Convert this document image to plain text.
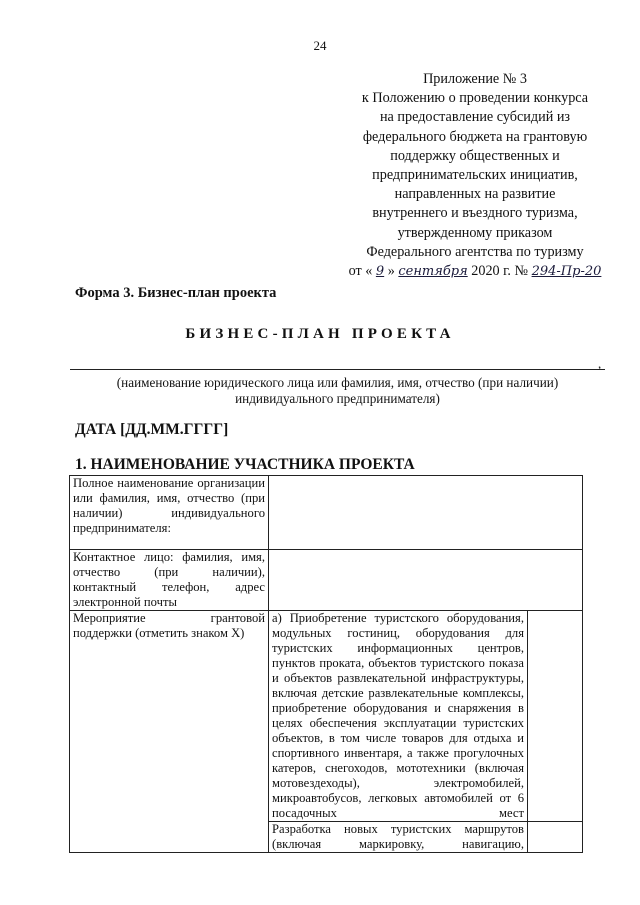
24
Приложение № 3
к Положению о проведении конкурса
на предоставление субсидий из
федерального бюджета на грантовую
поддержку общественных и
предпринимательских инициатив,
направленных на развитие
внутреннего и въездного туризма,
утвержденному приказом
Федерального агентства по туризму
от « 9 » сентября 2020 г. № 294-Пр-20
Форма 3. Бизнес-план проекта
БИЗНЕС-ПЛАН ПРОЕКТА
,
(наименование юридического лица или фамилия, имя, отчество (при наличии) индивидуального предпринимателя)
ДАТА [ДД.ММ.ГГГГ]
1. НАИМЕНОВАНИЕ УЧАСТНИКА ПРОЕКТА
Полное наименование организации или фамилия, имя, отчество (при наличии) индивидуального предпринимателя:		
Контактное лицо: фамилия, имя, отчество (при наличии), контактный телефон, адрес электронной почты		
Мероприятие грантовой поддержки (отметить знаком Х)	а) Приобретение туристского оборудования, модульных гостиниц, оборудования для туристских информационных центров, пунктов проката, объектов туристского показа и объектов развлекательной инфраструктуры, включая детские развлекательные комплексы, приобретение оборудования и снаряжения в целях обеспечения эксплуатации туристских объектов, в том числе товаров для отдыха и спортивного инвентаря, а также прогулочных катеров, снегоходов, мототехники (включая мотовездеходы), электромобилей, микроавтобусов, легковых автомобилей от 6 посадочных мест	
	Разработка новых туристских маршрутов (включая маркировку, навигацию,	
